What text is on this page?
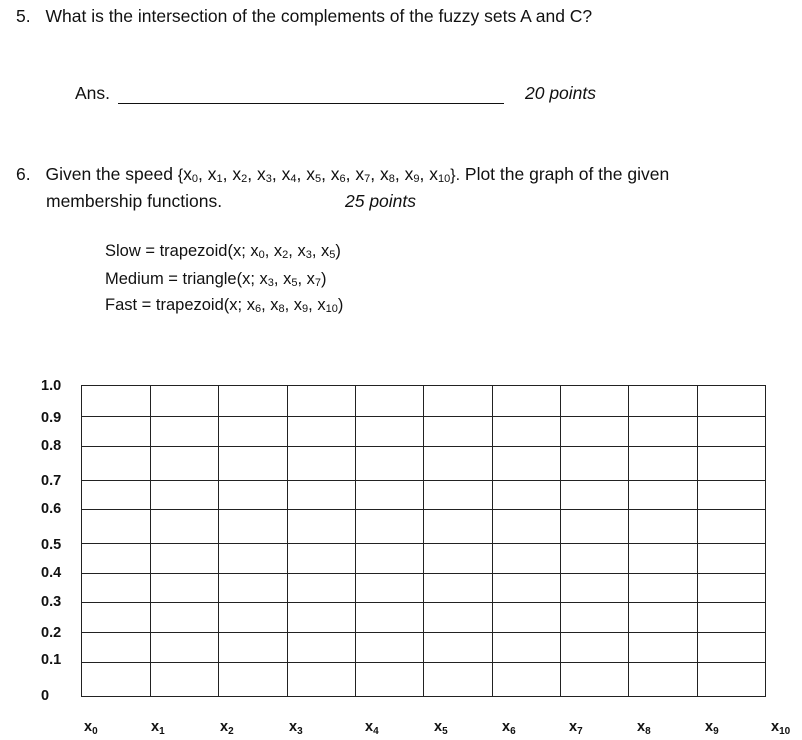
5. What is the intersection of the complements of the fuzzy sets A and C?
Ans.	20 points
6. Given the speed {$x_0$, $x_1$, $x_2$, $x_3$, $x_4$, $x_5$, $x_6$, $x_7$, $x_8$, $x_9$, $x_{10}$}. Plot the graph of the given
membership functions.	25 points
Slow = trapezoid(x; $x_0$, $x_2$, $x_3$, $x_5$)
Medium = triangle(x; $x_3$, $x_5$, $x_7$)
Fast = trapezoid(x; $x_6$, $x_8$, $x_9$, $x_{10}$)
1.0
0.9
0.8
0.7
0.6
0.5
0.4
0.3
0.2
0.1
0
$x_0$	$x_1$	$x_2$	$x_3$	$x_4$	$x_5$	$x_6$	$x_7$	$x_8$	$x_9$	$x_{10}$
